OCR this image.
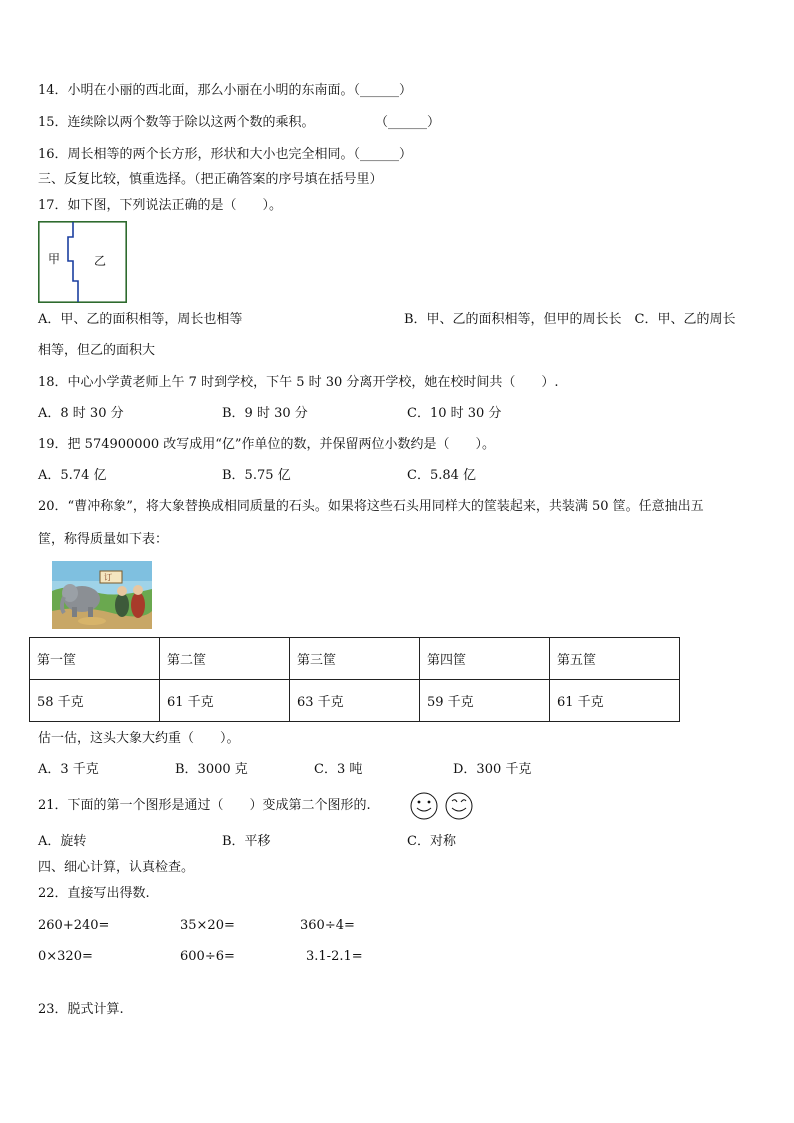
14．小明在小丽的西北面，那么小丽在小明的东南面。（______）
15．连续除以两个数等于除以这两个数的乘积。	（______）
16．周长相等的两个长方形，形状和大小也完全相同。（______）
三、反复比较，慎重选择。（把正确答案的序号填在括号里）
17．如下图，下列说法正确的是（　　）。
甲	乙
A．甲、乙的面积相等，周长也相等	B．甲、乙的面积相等，但甲的周长长　C．甲、乙的周长
相等，但乙的面积大
18．中心小学黄老师上午 7 时到学校，下午 5 时 30 分离开学校，她在校时间共（　　）.
A．8 时 30 分	B．9 时 30 分	C．10 时 30 分
19．把 574900000 改写成用“亿”作单位的数，并保留两位小数约是（　　）。
A．5.74 亿	B．5.75 亿	C．5.84 亿
20．“曹冲称象”，将大象替换成相同质量的石头。如果将这些石头用同样大的筐装起来，共装满 50 筐。任意抽出五
筐，称得质量如下表：
订
第一筐	第二筐	第三筐	第四筐	第五筐
58 千克	61 千克	63 千克	59 千克	61 千克
估一估，这头大象大约重（　　）。
A．3 千克	B．3000 克	C．3 吨	D．300 千克
21．下面的第一个图形是通过（　　）变成第二个图形的.
A．旋转	B．平移	C．对称
四、细心计算，认真检查。
22．直接写出得数.
260+240=	35×20=	360÷4=
0×320=	600÷6=	3.1-2.1=
23．脱式计算.
